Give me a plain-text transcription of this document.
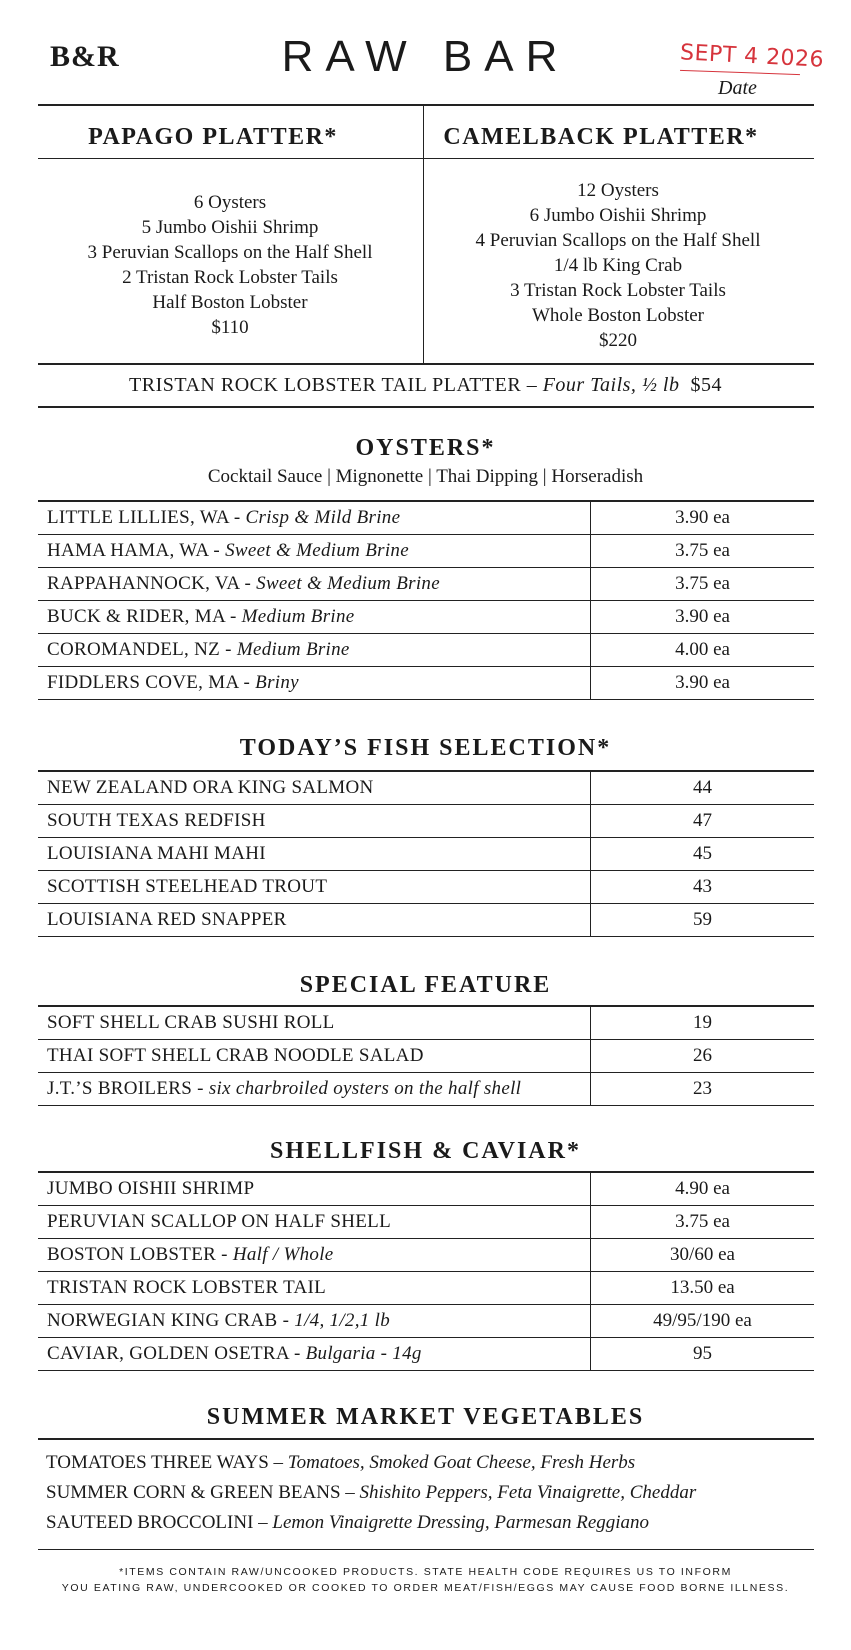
B&R	RAW BAR	SEPT 4 2026
Date
PAPAGO PLATTER*	CAMELBACK PLATTER*
6 Oysters
5 Jumbo Oishii Shrimp
3 Peruvian Scallops on the Half Shell
2 Tristan Rock Lobster Tails
Half Boston Lobster
$110
12 Oysters
6 Jumbo Oishii Shrimp
4 Peruvian Scallops on the Half Shell
1/4 lb King Crab
3 Tristan Rock Lobster Tails
Whole Boston Lobster
$220
TRISTAN ROCK LOBSTER TAIL PLATTER – Four Tails, ½ lb $54
OYSTERS*
Cocktail Sauce | Mignonette | Thai Dipping | Horseradish
LITTLE LILLIES, WA - Crisp & Mild Brine	3.90 ea
HAMA HAMA, WA - Sweet & Medium Brine	3.75 ea
RAPPAHANNOCK, VA - Sweet & Medium Brine	3.75 ea
BUCK & RIDER, MA - Medium Brine	3.90 ea
COROMANDEL, NZ - Medium Brine	4.00 ea
FIDDLERS COVE, MA - Briny	3.90 ea
TODAY’S FISH SELECTION*
NEW ZEALAND ORA KING SALMON	44
SOUTH TEXAS REDFISH	47
LOUISIANA MAHI MAHI	45
SCOTTISH STEELHEAD TROUT	43
LOUISIANA RED SNAPPER	59
SPECIAL FEATURE
SOFT SHELL CRAB SUSHI ROLL	19
THAI SOFT SHELL CRAB NOODLE SALAD	26
J.T.’S BROILERS - six charbroiled oysters on the half shell	23
SHELLFISH & CAVIAR*
JUMBO OISHII SHRIMP	4.90 ea
PERUVIAN SCALLOP ON HALF SHELL	3.75 ea
BOSTON LOBSTER - Half / Whole	30/60 ea
TRISTAN ROCK LOBSTER TAIL	13.50 ea
NORWEGIAN KING CRAB - 1/4, 1/2,1 lb	49/95/190 ea
CAVIAR, GOLDEN OSETRA - Bulgaria - 14g	95
SUMMER MARKET VEGETABLES
TOMATOES THREE WAYS – Tomatoes, Smoked Goat Cheese, Fresh Herbs
SUMMER CORN & GREEN BEANS – Shishito Peppers, Feta Vinaigrette, Cheddar
SAUTEED BROCCOLINI – Lemon Vinaigrette Dressing, Parmesan Reggiano
*ITEMS CONTAIN RAW/UNCOOKED PRODUCTS. STATE HEALTH CODE REQUIRES US TO INFORM
YOU EATING RAW, UNDERCOOKED OR COOKED TO ORDER MEAT/FISH/EGGS MAY CAUSE FOOD BORNE ILLNESS.
